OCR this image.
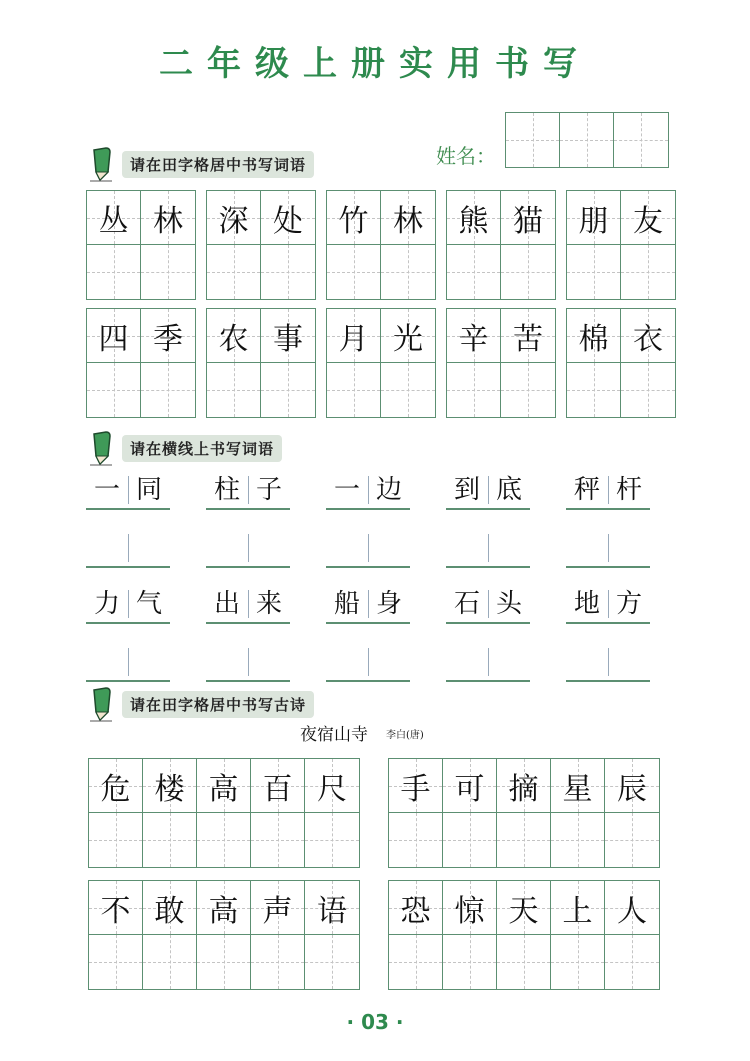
二年级上册实用书写
姓名：
请在田字格居中书写词语
丛 林	深 处	竹 林	熊 猫	朋 友
四 季	农 事	月 光	辛 苦	棉 衣
请在横线上书写词语
一 同	柱 子	一 边	到 底	秤 杆
力 气	出 来	船 身	石 头	地 方
请在田字格居中书写古诗
夜宿山寺 李白(唐)
危 楼 高 百 尺	手 可 摘 星 辰
不 敢 高 声 语	恐 惊 天 上 人
· 03 ·
